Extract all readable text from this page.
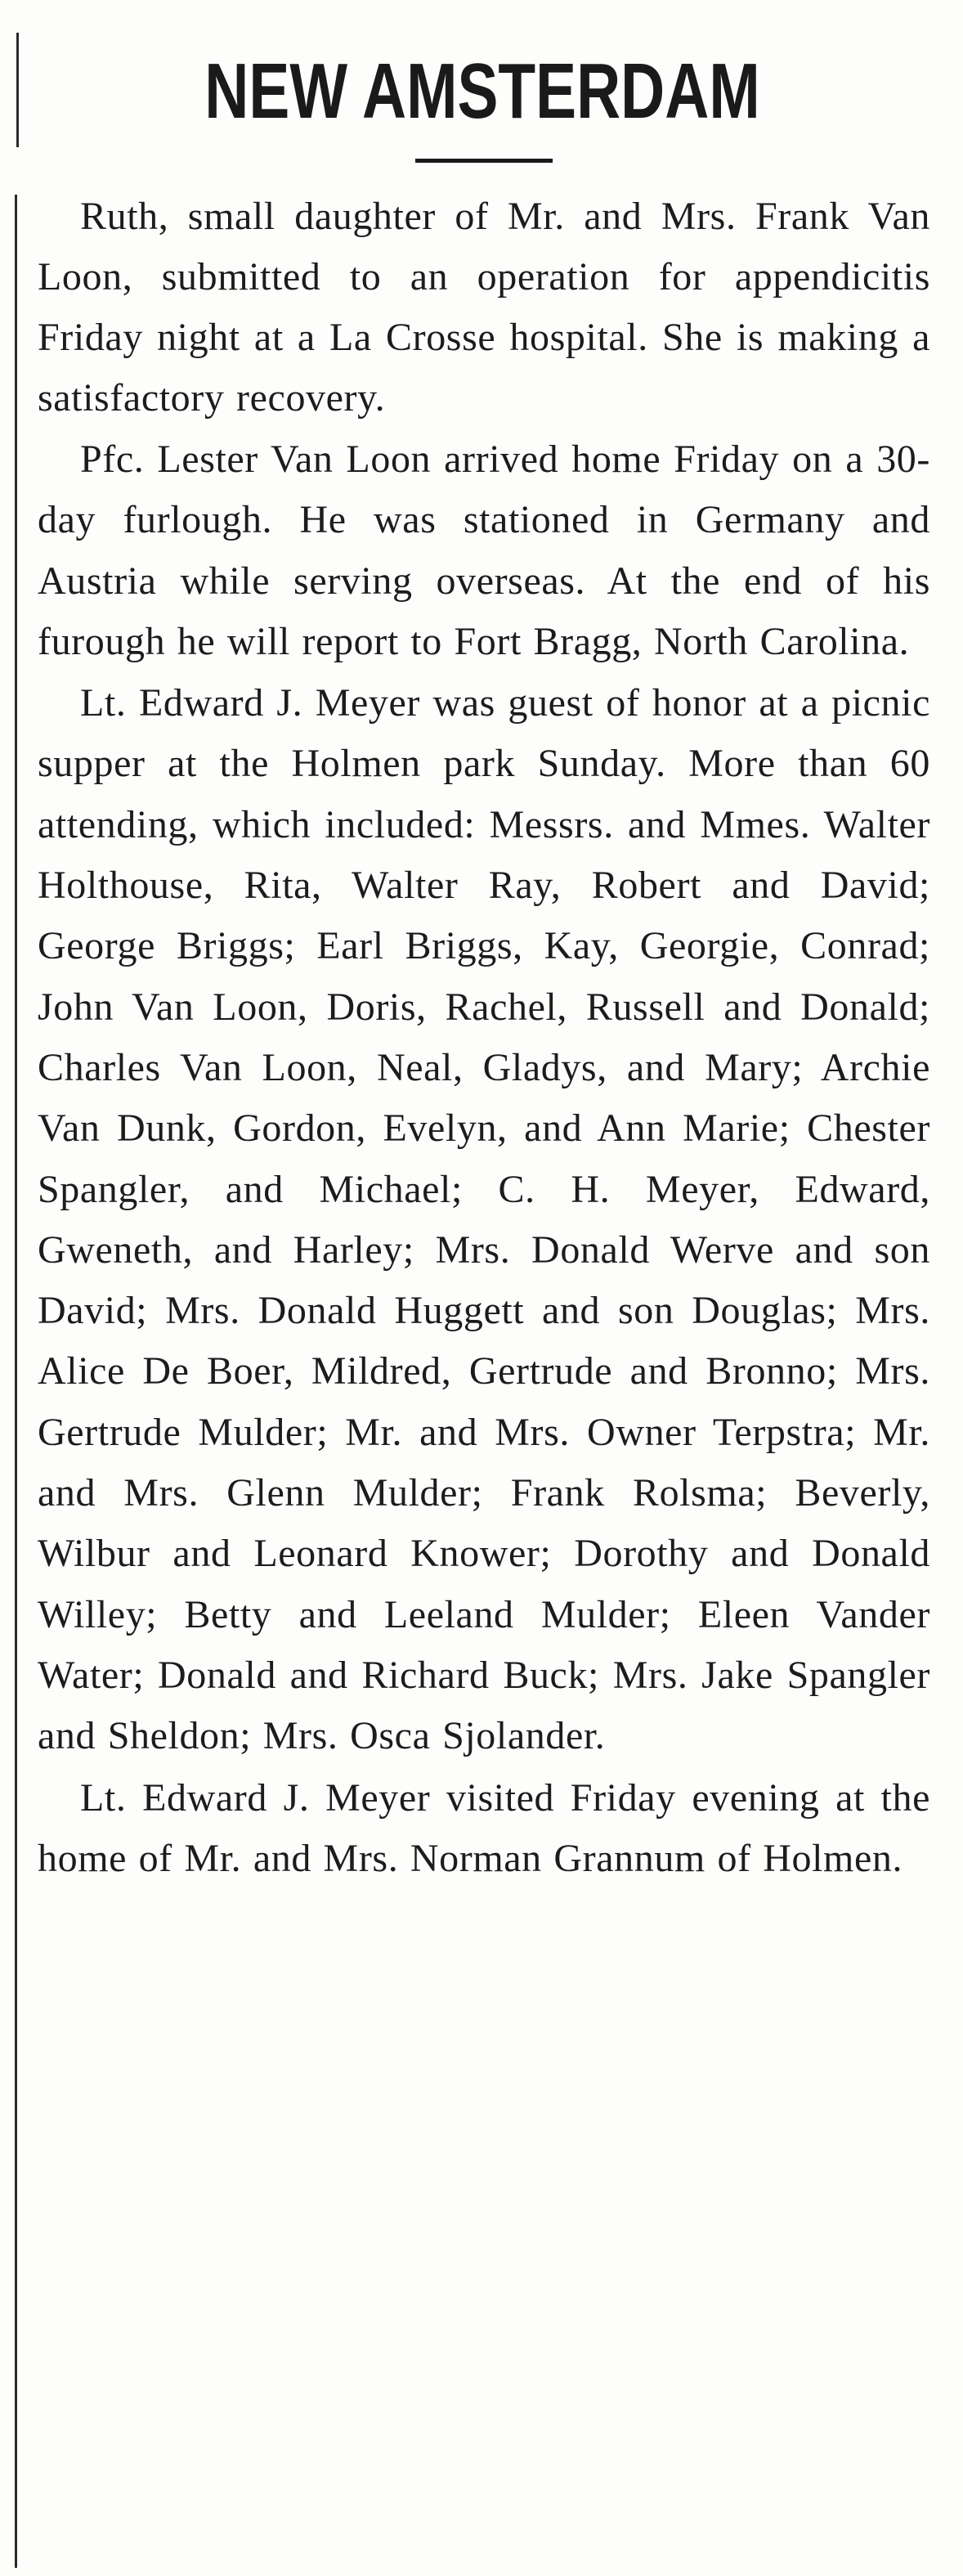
NEW AMSTERDAM

Ruth, small daughter of Mr. and Mrs. Frank Van Loon, submitted to an operation for appendicitis Friday night at a La Crosse hospital. She is making a satisfactory recovery.

Pfc. Lester Van Loon arrived home Friday on a 30-day furlough. He was stationed in Germany and Austria while serving overseas. At the end of his furough he will report to Fort Bragg, North Carolina.

Lt. Edward J. Meyer was guest of honor at a picnic supper at the Holmen park Sunday. More than 60 attending, which included: Messrs. and Mmes. Walter Holthouse, Rita, Walter Ray, Robert and David; George Briggs; Earl Briggs, Kay, Georgie, Conrad; John Van Loon, Doris, Rachel, Russell and Donald; Charles Van Loon, Neal, Gladys, and Mary; Archie Van Dunk, Gordon, Evelyn, and Ann Marie; Chester Spangler, and Michael; C. H. Meyer, Edward, Gweneth, and Harley; Mrs. Donald Werve and son David; Mrs. Donald Huggett and son Douglas; Mrs. Alice De Boer, Mildred, Gertrude and Bronno; Mrs. Gertrude Mulder; Mr. and Mrs. Owner Terpstra; Mr. and Mrs. Glenn Mulder; Frank Rolsma; Beverly, Wilbur and Leonard Knower; Dorothy and Donald Willey; Betty and Leeland Mulder; Eleen Vander Water; Donald and Richard Buck; Mrs. Jake Spangler and Sheldon; Mrs. Osca Sjolander.

Lt. Edward J. Meyer visited Friday evening at the home of Mr. and Mrs. Norman Grannum of Holmen.
